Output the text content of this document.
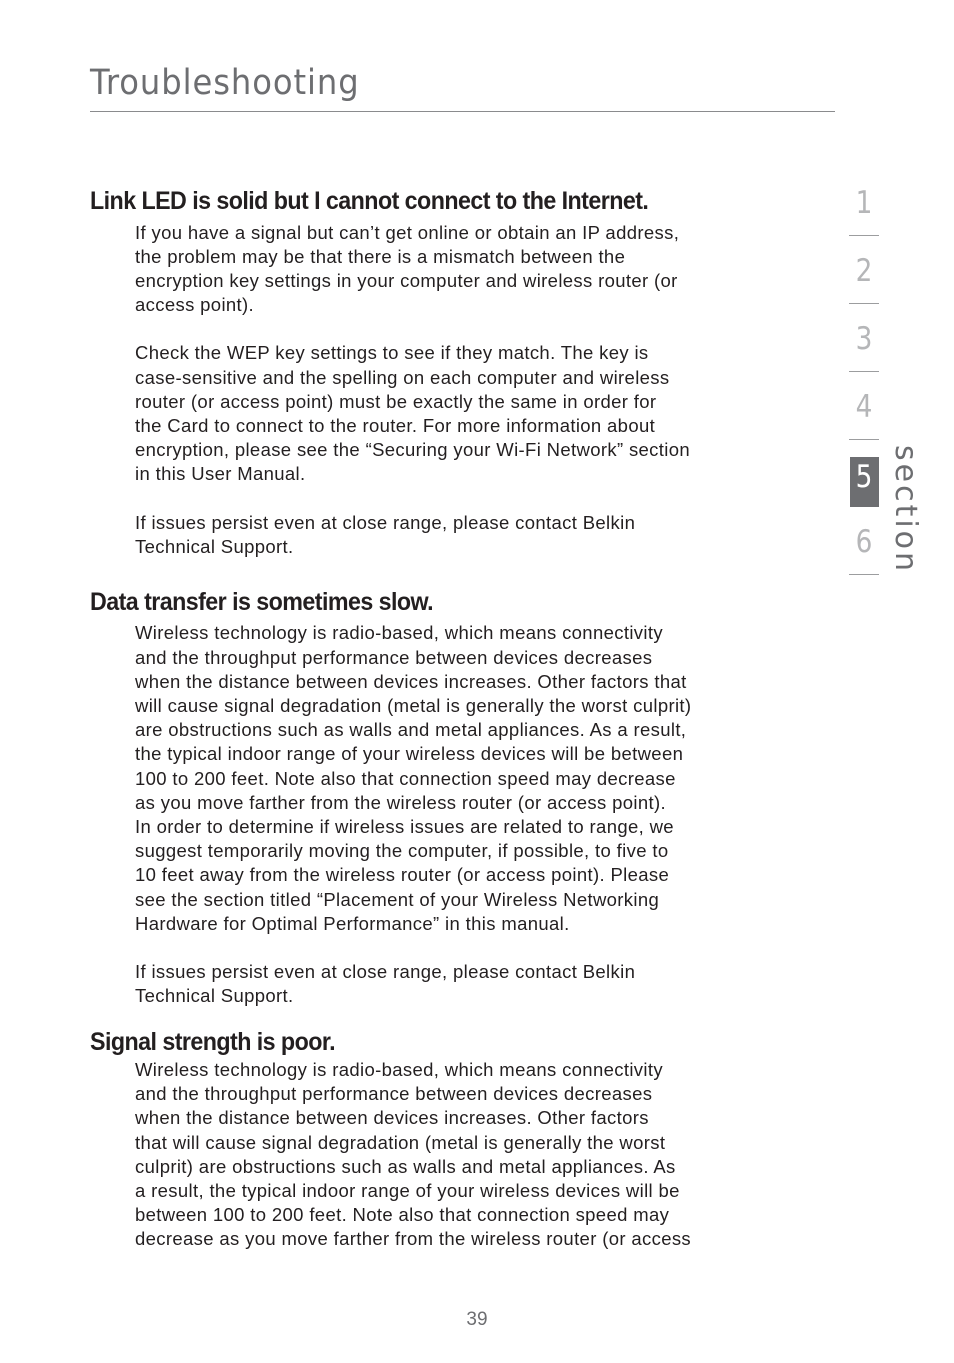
Troubleshooting
Link LED is solid but I cannot connect to the Internet.

If you have a signal but can’t get online or obtain an IP address,
the problem may be that there is a mismatch between the
encryption key settings in your computer and wireless router (or
access point).

Check the WEP key settings to see if they match. The key is
case-sensitive and the spelling on each computer and wireless
router (or access point) must be exactly the same in order for
the Card to connect to the router. For more information about
encryption, please see the “Securing your Wi-Fi Network” section
in this User Manual.

If issues persist even at close range, please contact Belkin
Technical Support.

Data transfer is sometimes slow.

Wireless technology is radio-based, which means connectivity
and the throughput performance between devices decreases
when the distance between devices increases. Other factors that
will cause signal degradation (metal is generally the worst culprit)
are obstructions such as walls and metal appliances. As a result,
the typical indoor range of your wireless devices will be between
100 to 200 feet. Note also that connection speed may decrease
as you move farther from the wireless router (or access point).
In order to determine if wireless issues are related to range, we
suggest temporarily moving the computer, if possible, to five to
10 feet away from the wireless router (or access point). Please
see the section titled “Placement of your Wireless Networking
Hardware for Optimal Performance” in this manual.

If issues persist even at close range, please contact Belkin
Technical Support.

Signal strength is poor.

Wireless technology is radio-based, which means connectivity
and the throughput performance between devices decreases
when the distance between devices increases. Other factors
that will cause signal degradation (metal is generally the worst
culprit) are obstructions such as walls and metal appliances. As
a result, the typical indoor range of your wireless devices will be
between 100 to 200 feet. Note also that connection speed may
decrease as you move farther from the wireless router (or access

1
2
3
4
5
6 section
39
